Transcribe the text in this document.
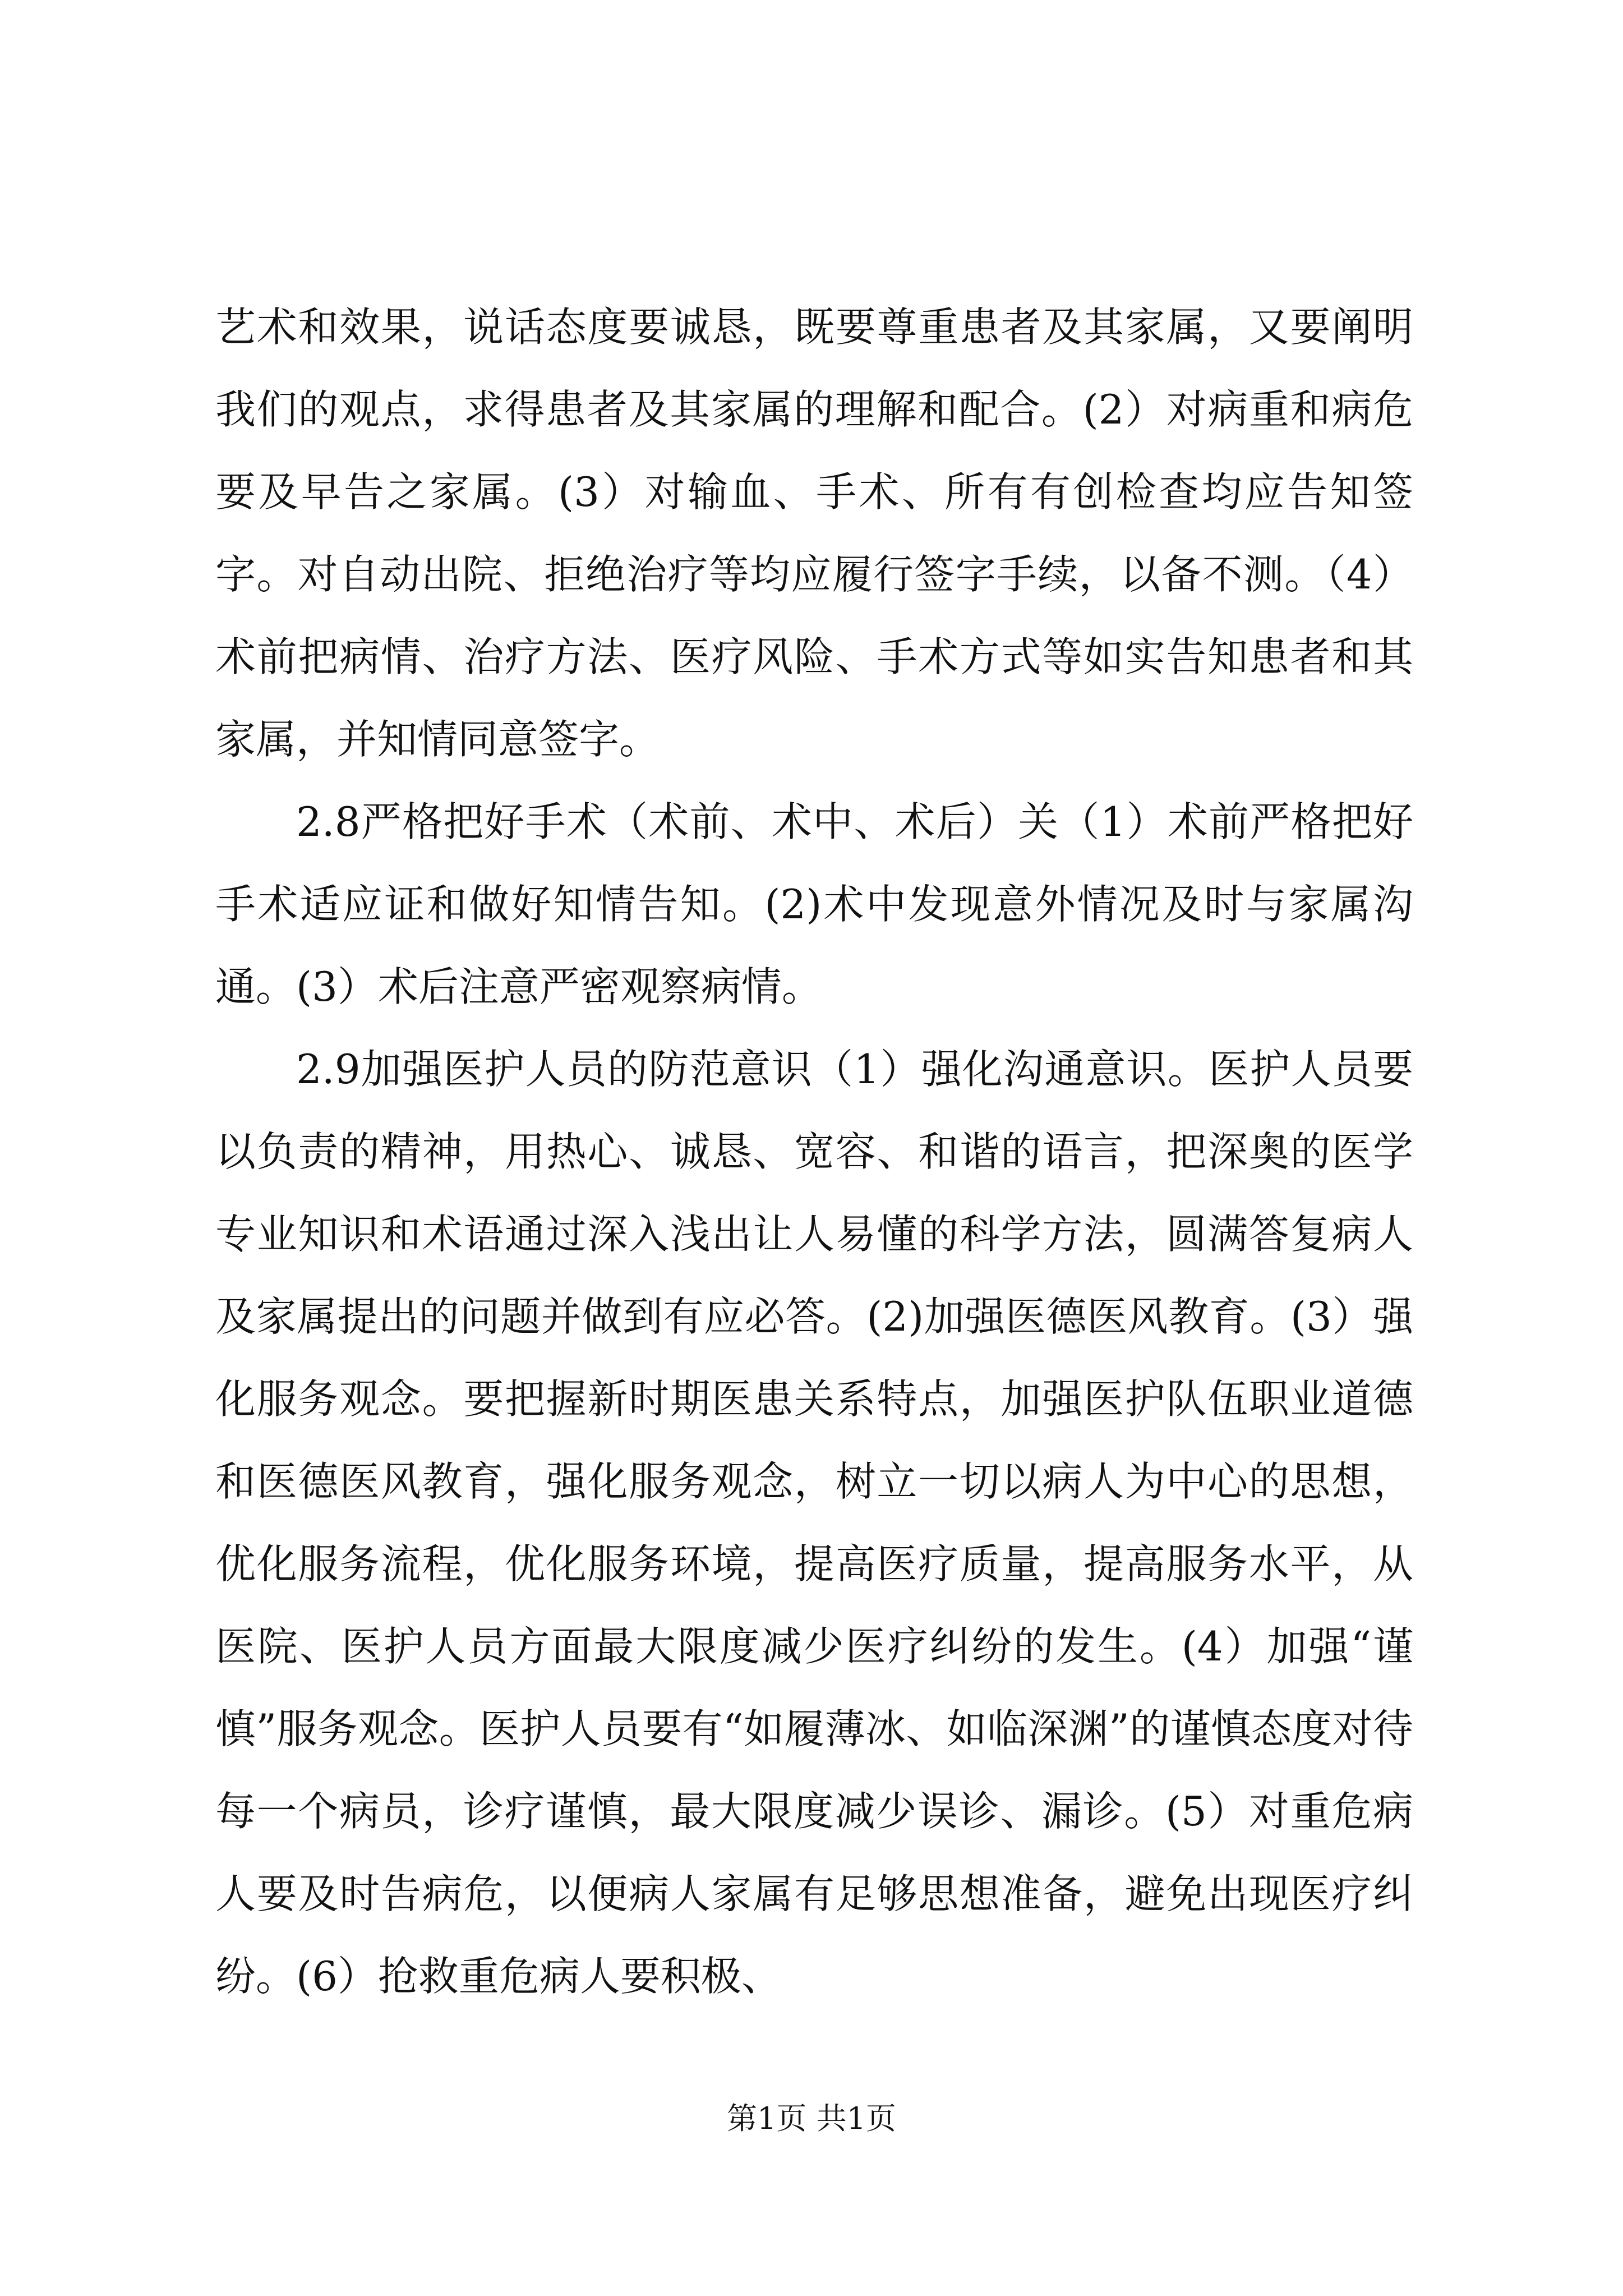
艺术和效果，说话态度要诚恳，既要尊重患者及其家属，又要阐明我们的观点，求得患者及其家属的理解和配合。(2）对病重和病危要及早告之家属。(3）对输血、手术、所有有创检查均应告知签字。对自动出院、拒绝治疗等均应履行签字手续，以备不测。（4）术前把病情、治疗方法、医疗风险、手术方式等如实告知患者和其家属，并知情同意签字。

2.8严格把好手术（术前、术中、术后）关（1）术前严格把好手术适应证和做好知情告知。(2)术中发现意外情况及时与家属沟通。(3）术后注意严密观察病情。

2.9加强医护人员的防范意识（1）强化沟通意识。医护人员要以负责的精神，用热心、诚恳、宽容、和谐的语言，把深奥的医学专业知识和术语通过深入浅出让人易懂的科学方法，圆满答复病人及家属提出的问题并做到有应必答。(2)加强医德医风教育。(3）强化服务观念。要把握新时期医患关系特点，加强医护队伍职业道德和医德医风教育，强化服务观念，树立一切以病人为中心的思想，优化服务流程，优化服务环境，提高医疗质量，提高服务水平，从医院、医护人员方面最大限度减少医疗纠纷的发生。(4）加强“谨慎”服务观念。医护人员要有“如履薄冰、如临深渊”的谨慎态度对待每一个病员，诊疗谨慎，最大限度减少误诊、漏诊。(5）对重危病人要及时告病危，以便病人家属有足够思想准备，避免出现医疗纠纷。(6）抢救重危病人要积极、

第1页 共1页
